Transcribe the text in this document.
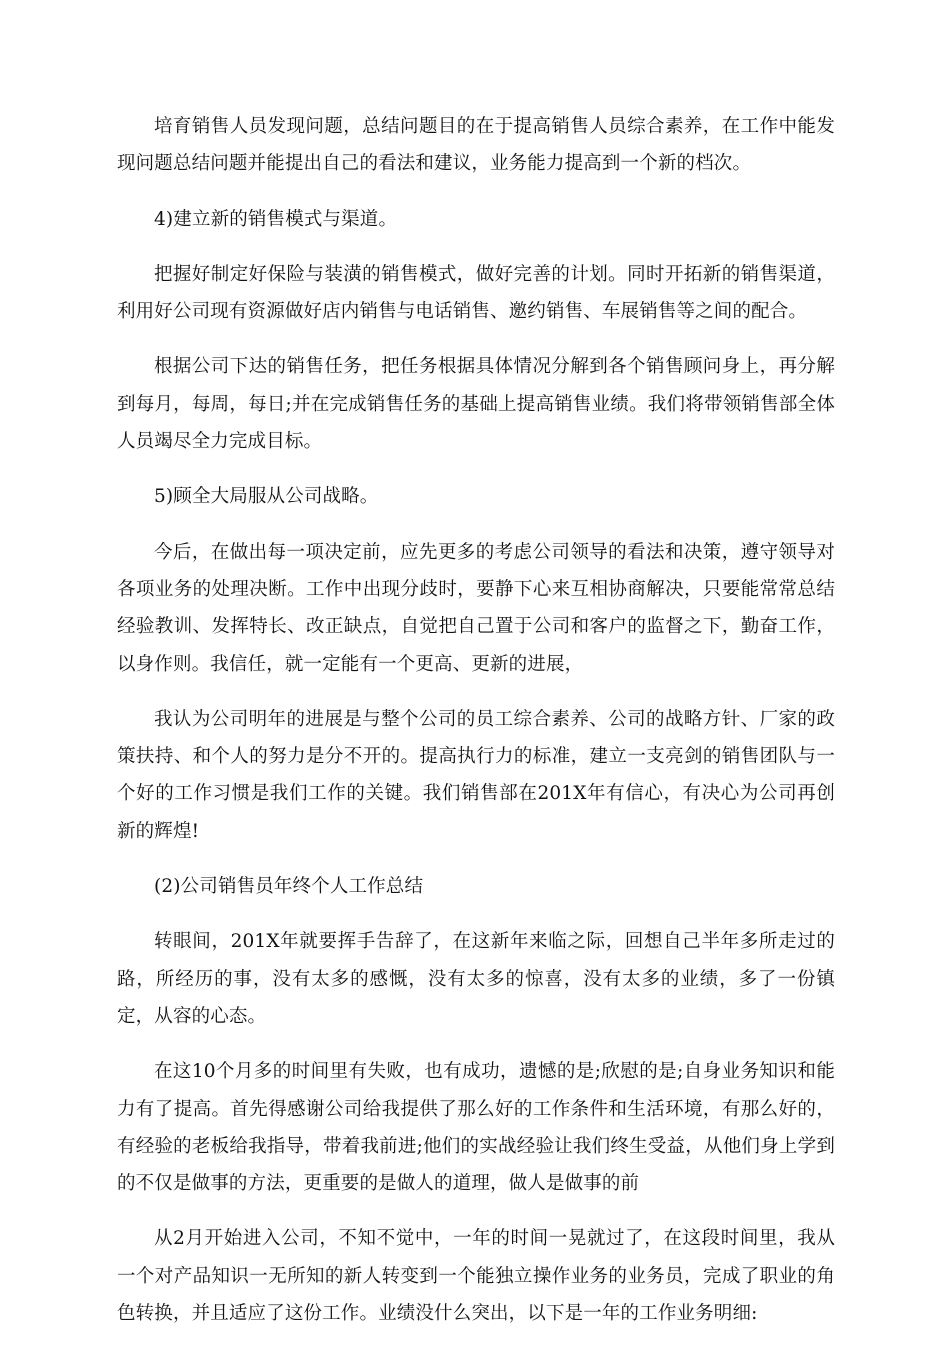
培育销售人员发现问题，总结问题目的在于提高销售人员综合素养，在工作中能发现问题总结问题并能提出自己的看法和建议，业务能力提高到一个新的档次。

4)建立新的销售模式与渠道。

把握好制定好保险与装潢的销售模式，做好完善的计划。同时开拓新的销售渠道，利用好公司现有资源做好店内销售与电话销售、邀约销售、车展销售等之间的配合。

根据公司下达的销售任务，把任务根据具体情况分解到各个销售顾问身上，再分解到每月，每周，每日;并在完成销售任务的基础上提高销售业绩。我们将带领销售部全体人员竭尽全力完成目标。

5)顾全大局服从公司战略。

今后，在做出每一项决定前，应先更多的考虑公司领导的看法和决策，遵守领导对各项业务的处理决断。工作中出现分歧时，要静下心来互相协商解决，只要能常常总结经验教训、发挥特长、改正缺点，自觉把自己置于公司和客户的监督之下，勤奋工作，以身作则。我信任，就一定能有一个更高、更新的进展，

我认为公司明年的进展是与整个公司的员工综合素养、公司的战略方针、厂家的政策扶持、和个人的努力是分不开的。提高执行力的标准，建立一支亮剑的销售团队与一个好的工作习惯是我们工作的关键。我们销售部在201X年有信心，有决心为公司再创新的辉煌!

(2)公司销售员年终个人工作总结

转眼间，201X年就要挥手告辞了，在这新年来临之际，回想自己半年多所走过的路，所经历的事，没有太多的感慨，没有太多的惊喜，没有太多的业绩，多了一份镇定，从容的心态。

在这10个月多的时间里有失败，也有成功，遗憾的是;欣慰的是;自身业务知识和能力有了提高。首先得感谢公司给我提供了那么好的工作条件和生活环境，有那么好的，有经验的老板给我指导，带着我前进;他们的实战经验让我们终生受益，从他们身上学到的不仅是做事的方法，更重要的是做人的道理，做人是做事的前

从2月开始进入公司，不知不觉中，一年的时间一晃就过了，在这段时间里，我从一个对产品知识一无所知的新人转变到一个能独立操作业务的业务员，完成了职业的角色转换，并且适应了这份工作。业绩没什么突出，以下是一年的工作业务明细:
